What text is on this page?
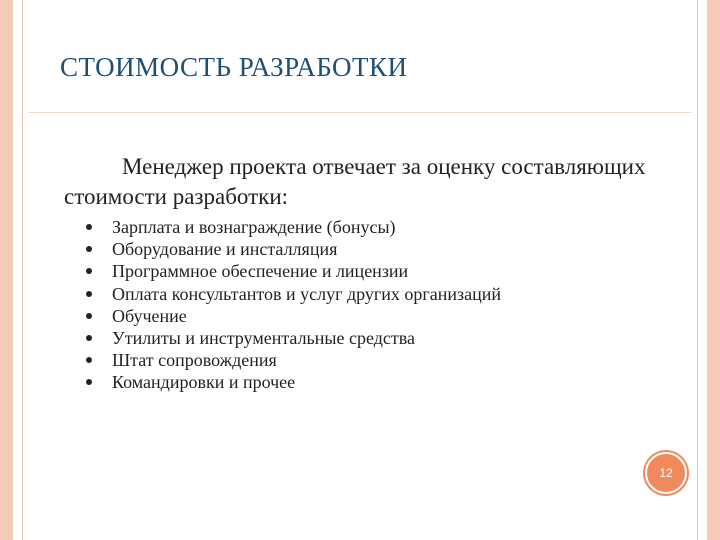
СТОИМОСТЬ РАЗРАБОТКИ

Менеджер проекта отвечает за оценку составляющих стоимости разработки:

Зарплата и вознаграждение (бонусы)
Оборудование и инсталляция
Программное обеспечение и лицензии
Оплата консультантов и услуг других организаций
Обучение
Утилиты и инструментальные средства
Штат сопровождения
Командировки и прочее
12
